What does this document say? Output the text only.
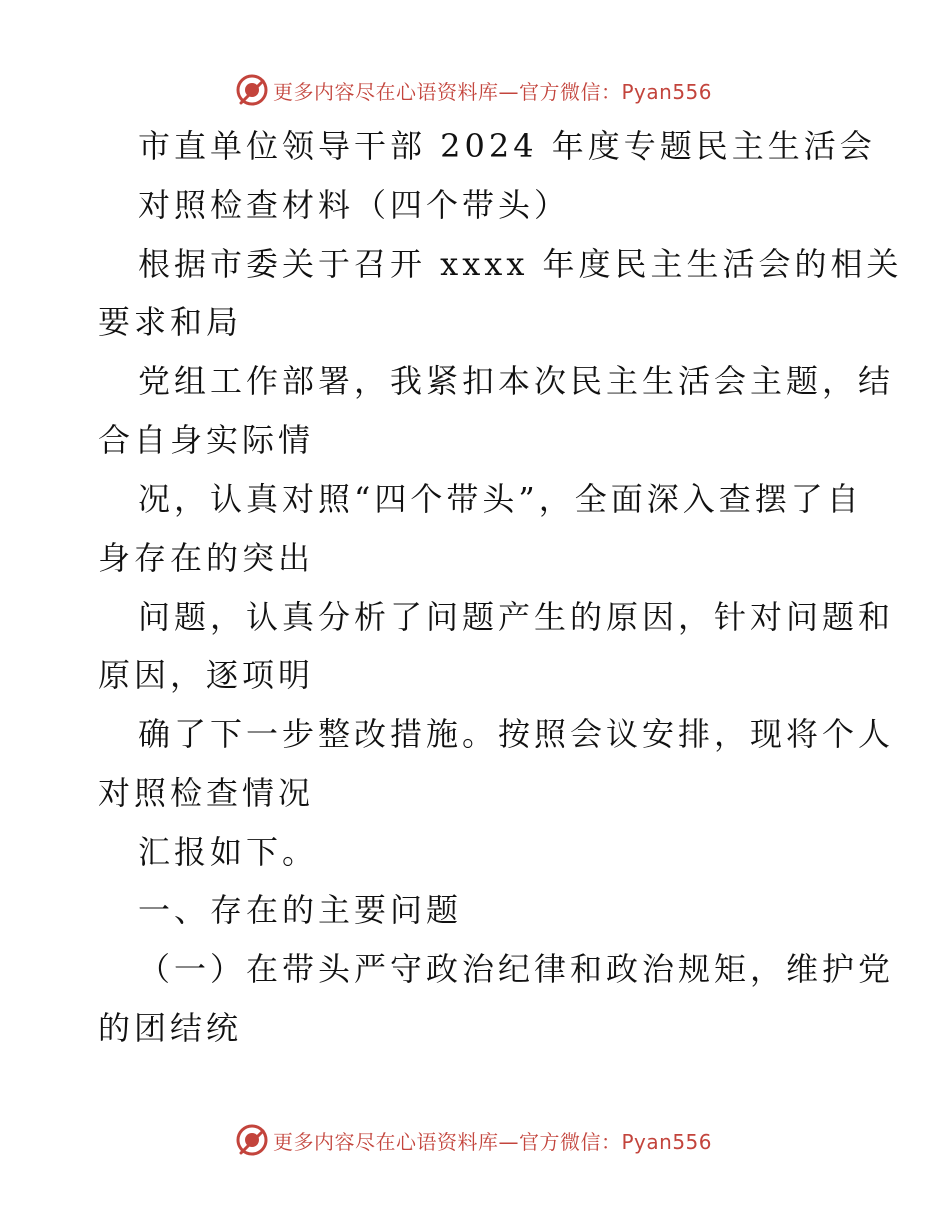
更多内容尽在心语资料库—官方微信：Pyan556
市直单位领导干部 2024 年度专题民主生活会
对照检查材料（四个带头）
根据市委关于召开 xxxx 年度民主生活会的相关
要求和局
党组工作部署，我紧扣本次民主生活会主题，结
合自身实际情
况，认真对照“四个带头”，全面深入查摆了自
身存在的突出
问题，认真分析了问题产生的原因，针对问题和
原因，逐项明
确了下一步整改措施。按照会议安排，现将个人
对照检查情况
汇报如下。
一、存在的主要问题
（一）在带头严守政治纪律和政治规矩，维护党
的团结统
更多内容尽在心语资料库—官方微信：Pyan556
